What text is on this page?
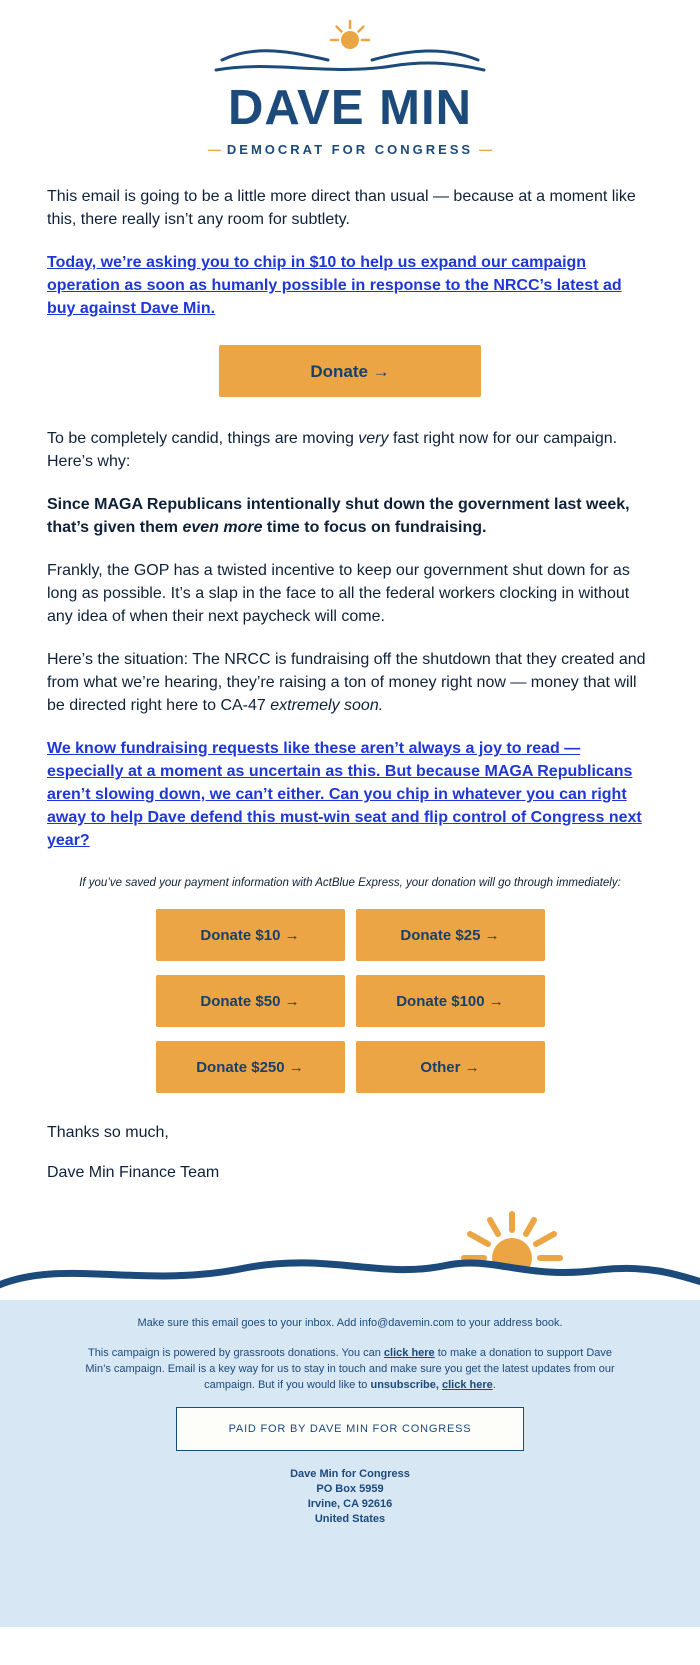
DAVE MIN
— DEMOCRAT FOR CONGRESS —

This email is going to be a little more direct than usual — because at a moment like this, there really isn’t any room for subtlety.

Today, we’re asking you to chip in $10 to help us expand our campaign operation as soon as humanly possible in response to the NRCC’s latest ad buy against Dave Min.

Donate →

To be completely candid, things are moving very fast right now for our campaign. Here’s why:

Since MAGA Republicans intentionally shut down the government last week, that’s given them even more time to focus on fundraising.

Frankly, the GOP has a twisted incentive to keep our government shut down for as long as possible. It’s a slap in the face to all the federal workers clocking in without any idea of when their next paycheck will come.

Here’s the situation: The NRCC is fundraising off the shutdown that they created and from what we’re hearing, they’re raising a ton of money right now — money that will be directed right here to CA-47 extremely soon.

We know fundraising requests like these aren’t always a joy to read — especially at a moment as uncertain as this. But because MAGA Republicans aren’t slowing down, we can’t either. Can you chip in whatever you can right away to help Dave defend this must-win seat and flip control of Congress next year?

If you’ve saved your payment information with ActBlue Express, your donation will go through immediately:

Donate $10 →	Donate $25 →
Donate $50 →	Donate $100 →
Donate $250 →	Other →

Thanks so much,

Dave Min Finance Team

Make sure this email goes to your inbox. Add info@davemin.com to your address book.

This campaign is powered by grassroots donations. You can click here to make a donation to support Dave Min’s campaign. Email is a key way for us to stay in touch and make sure you get the latest updates from our campaign. But if you would like to unsubscribe, click here.

PAID FOR BY DAVE MIN FOR CONGRESS
Dave Min for Congress
PO Box 5959
Irvine, CA 92616
United States
